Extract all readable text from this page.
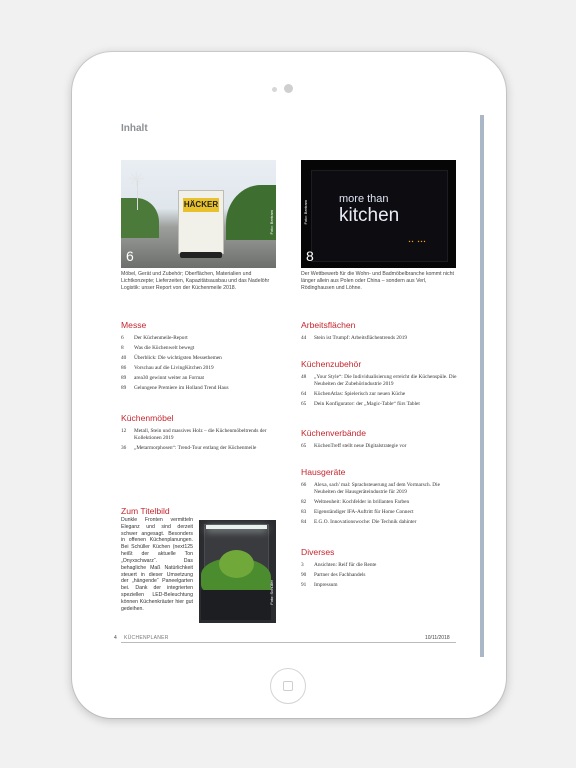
Inhalt
✳
HÄCKER
6
Foto: Bertram
more than
kitchen
▪▪ ▪▪▪
8
Foto: Bertram
Möbel, Gerät und Zubehör; Oberflächen, Materialien und Lichtkonzepte; Lieferzeiten, Kapazitätsausbau und das Nadelöhr Logistik: unser Report von der Küchenmeile 2018.
Der Wettbewerb für die Wohn- und Badmöbelbranche kommt nicht länger allein aus Polen oder China – sondern aus Verl, Rödinghausen und Löhne.
Messe
6	Der Küchenmeile-Report
8	Was die Küchenwelt bewegt
40	Überblick: Die wichtigsten Messethemen
86	Vorschau auf die LivingKitchen 2019
89	area30 gewinnt weiter an Format
89	Gelungene Premiere im Holland Trend Haus
Küchenmöbel
12	Metall, Stein und massives Holz – die Küchenmöbeltrends der Kollektionen 2019
36	„Metarmorphosen“: Trend-Tour entlang der Küchenmeile
Arbeitsflächen
44	Stein ist Trumpf: Arbeitsflächentrends 2019
Küchenzubehör
48	„Your Style“: Die Individualisierung erreicht die Küchenspüle. Die Neuheiten der Zubehörindustrie 2019
64	KüchenAtlas: Spielerisch zur neuen Küche
65	Dein Konfigurator: der „Magic-Table“ fürs Tablet
Küchenverbände
65	KüchenTreff stellt neue Digitalstrategie vor
Hausgeräte
66	Alexa, sach' mal: Sprachsteuerung auf dem Vormarsch. Die Neuheiten der Hausgeräteindustrie für 2019
82	Weltneuheit: Kochfelder in brillanten Farben
83	Eigenständiger IFA-Auftritt für Home Connect
84	E.G.O. Innovationswoche: Die Technik dahinter
Diverses
3	Ansichten: Reif für die Rente
90	Partner des Fachhandels
91	Impressum
Zum Titelbild
Dunkle Fronten vermitteln Eleganz und sind derzeit schwer angesagt. Besonders in offenen Küchenplanungen. Bei Schüller Küchen (next125 heißt der aktuelle Ton „Onyxschwarz“. Das behagliche Maß Natürlichkeit steuert in dieser Umsetzung der „hängende“ Paneelgarten bei. Dank der integrierten speziellen LED-Beleuchtung können Küchenkräuter hier gut gedeihen.
Foto: Schüller
4 KÜCHENPLANER	10/11/2018
